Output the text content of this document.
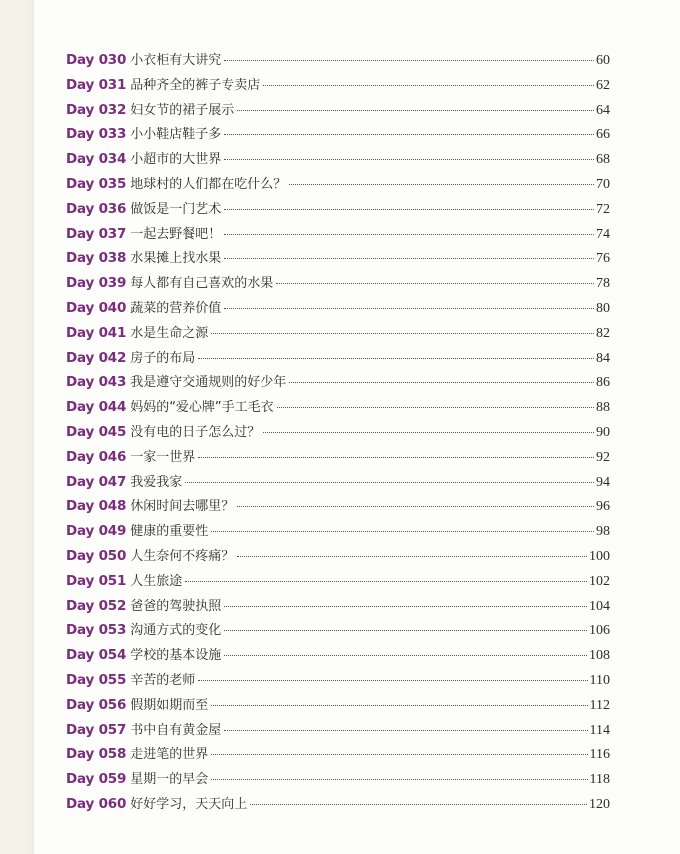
Day 030 小衣柜有大讲究	60
Day 031 品种齐全的裤子专卖店	62
Day 032 妇女节的裙子展示	64
Day 033 小小鞋店鞋子多	66
Day 034 小超市的大世界	68
Day 035 地球村的人们都在吃什么？	70
Day 036 做饭是一门艺术	72
Day 037 一起去野餐吧！	74
Day 038 水果摊上找水果	76
Day 039 每人都有自己喜欢的水果	78
Day 040 蔬菜的营养价值	80
Day 041 水是生命之源	82
Day 042 房子的布局	84
Day 043 我是遵守交通规则的好少年	86
Day 044 妈妈的“爱心牌”手工毛衣	88
Day 045 没有电的日子怎么过？	90
Day 046 一家一世界	92
Day 047 我爱我家	94
Day 048 休闲时间去哪里？	96
Day 049 健康的重要性	98
Day 050 人生奈何不疼痛？	100
Day 051 人生旅途	102
Day 052 爸爸的驾驶执照	104
Day 053 沟通方式的变化	106
Day 054 学校的基本设施	108
Day 055 辛苦的老师	110
Day 056 假期如期而至	112
Day 057 书中自有黄金屋	114
Day 058 走进笔的世界	116
Day 059 星期一的早会	118
Day 060 好好学习，天天向上	120
